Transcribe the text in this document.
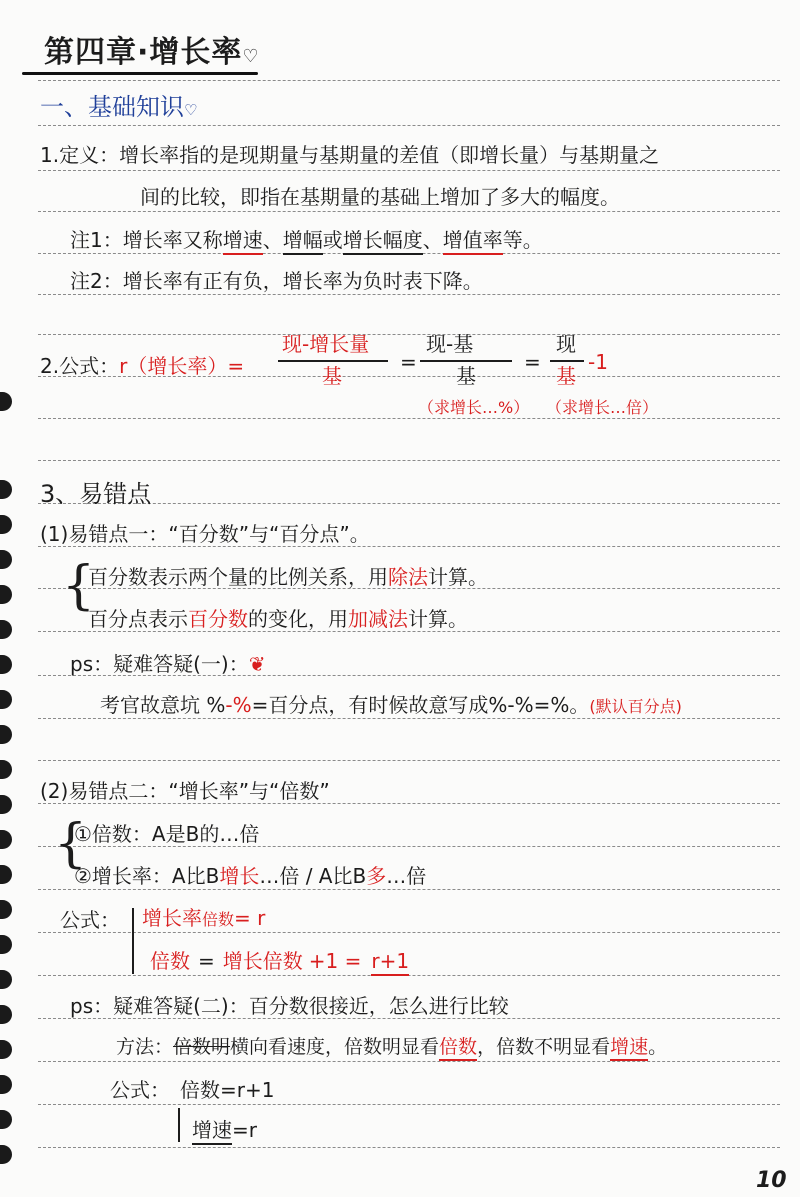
第四章·增长率♡
一、基础知识♡
1.定义：增长率指的是现期量与基期量的差值（即增长量）与基期量之
间的比较，即指在基期量的基础上增加了多大的幅度。
注1：增长率又称增速、增幅或增长幅度、增值率等。
注2：增长率有正有负，增长率为负时表下降。
2.公式：r（增长率）=
现-增长量
基
=
现-基
基
=
现
基
-1
（求增长…%） （求增长…倍）
3、易错点
(1)易错点一：“百分数”与“百分点”。
{
百分数表示两个量的比例关系，用除法计算。
百分点表示百分数的变化，用加减法计算。
ps：疑难答疑(一)：❦
考官故意坑 %-%=百分点，有时候故意写成%-%=%。(默认百分点)
(2)易错点二：“增长率”与“倍数”
{
①倍数：A是B的…倍
②增长率：A比B增长…倍 / A比B多…倍
公式： 增长率倍数= r
倍数 = 增长倍数 +1 = r+1
ps：疑难答疑(二)：百分数很接近，怎么进行比较
方法：倍数明横向看速度，倍数明显看倍数，倍数不明显看增速。
公式： 倍数=r+1
增速=r
10
